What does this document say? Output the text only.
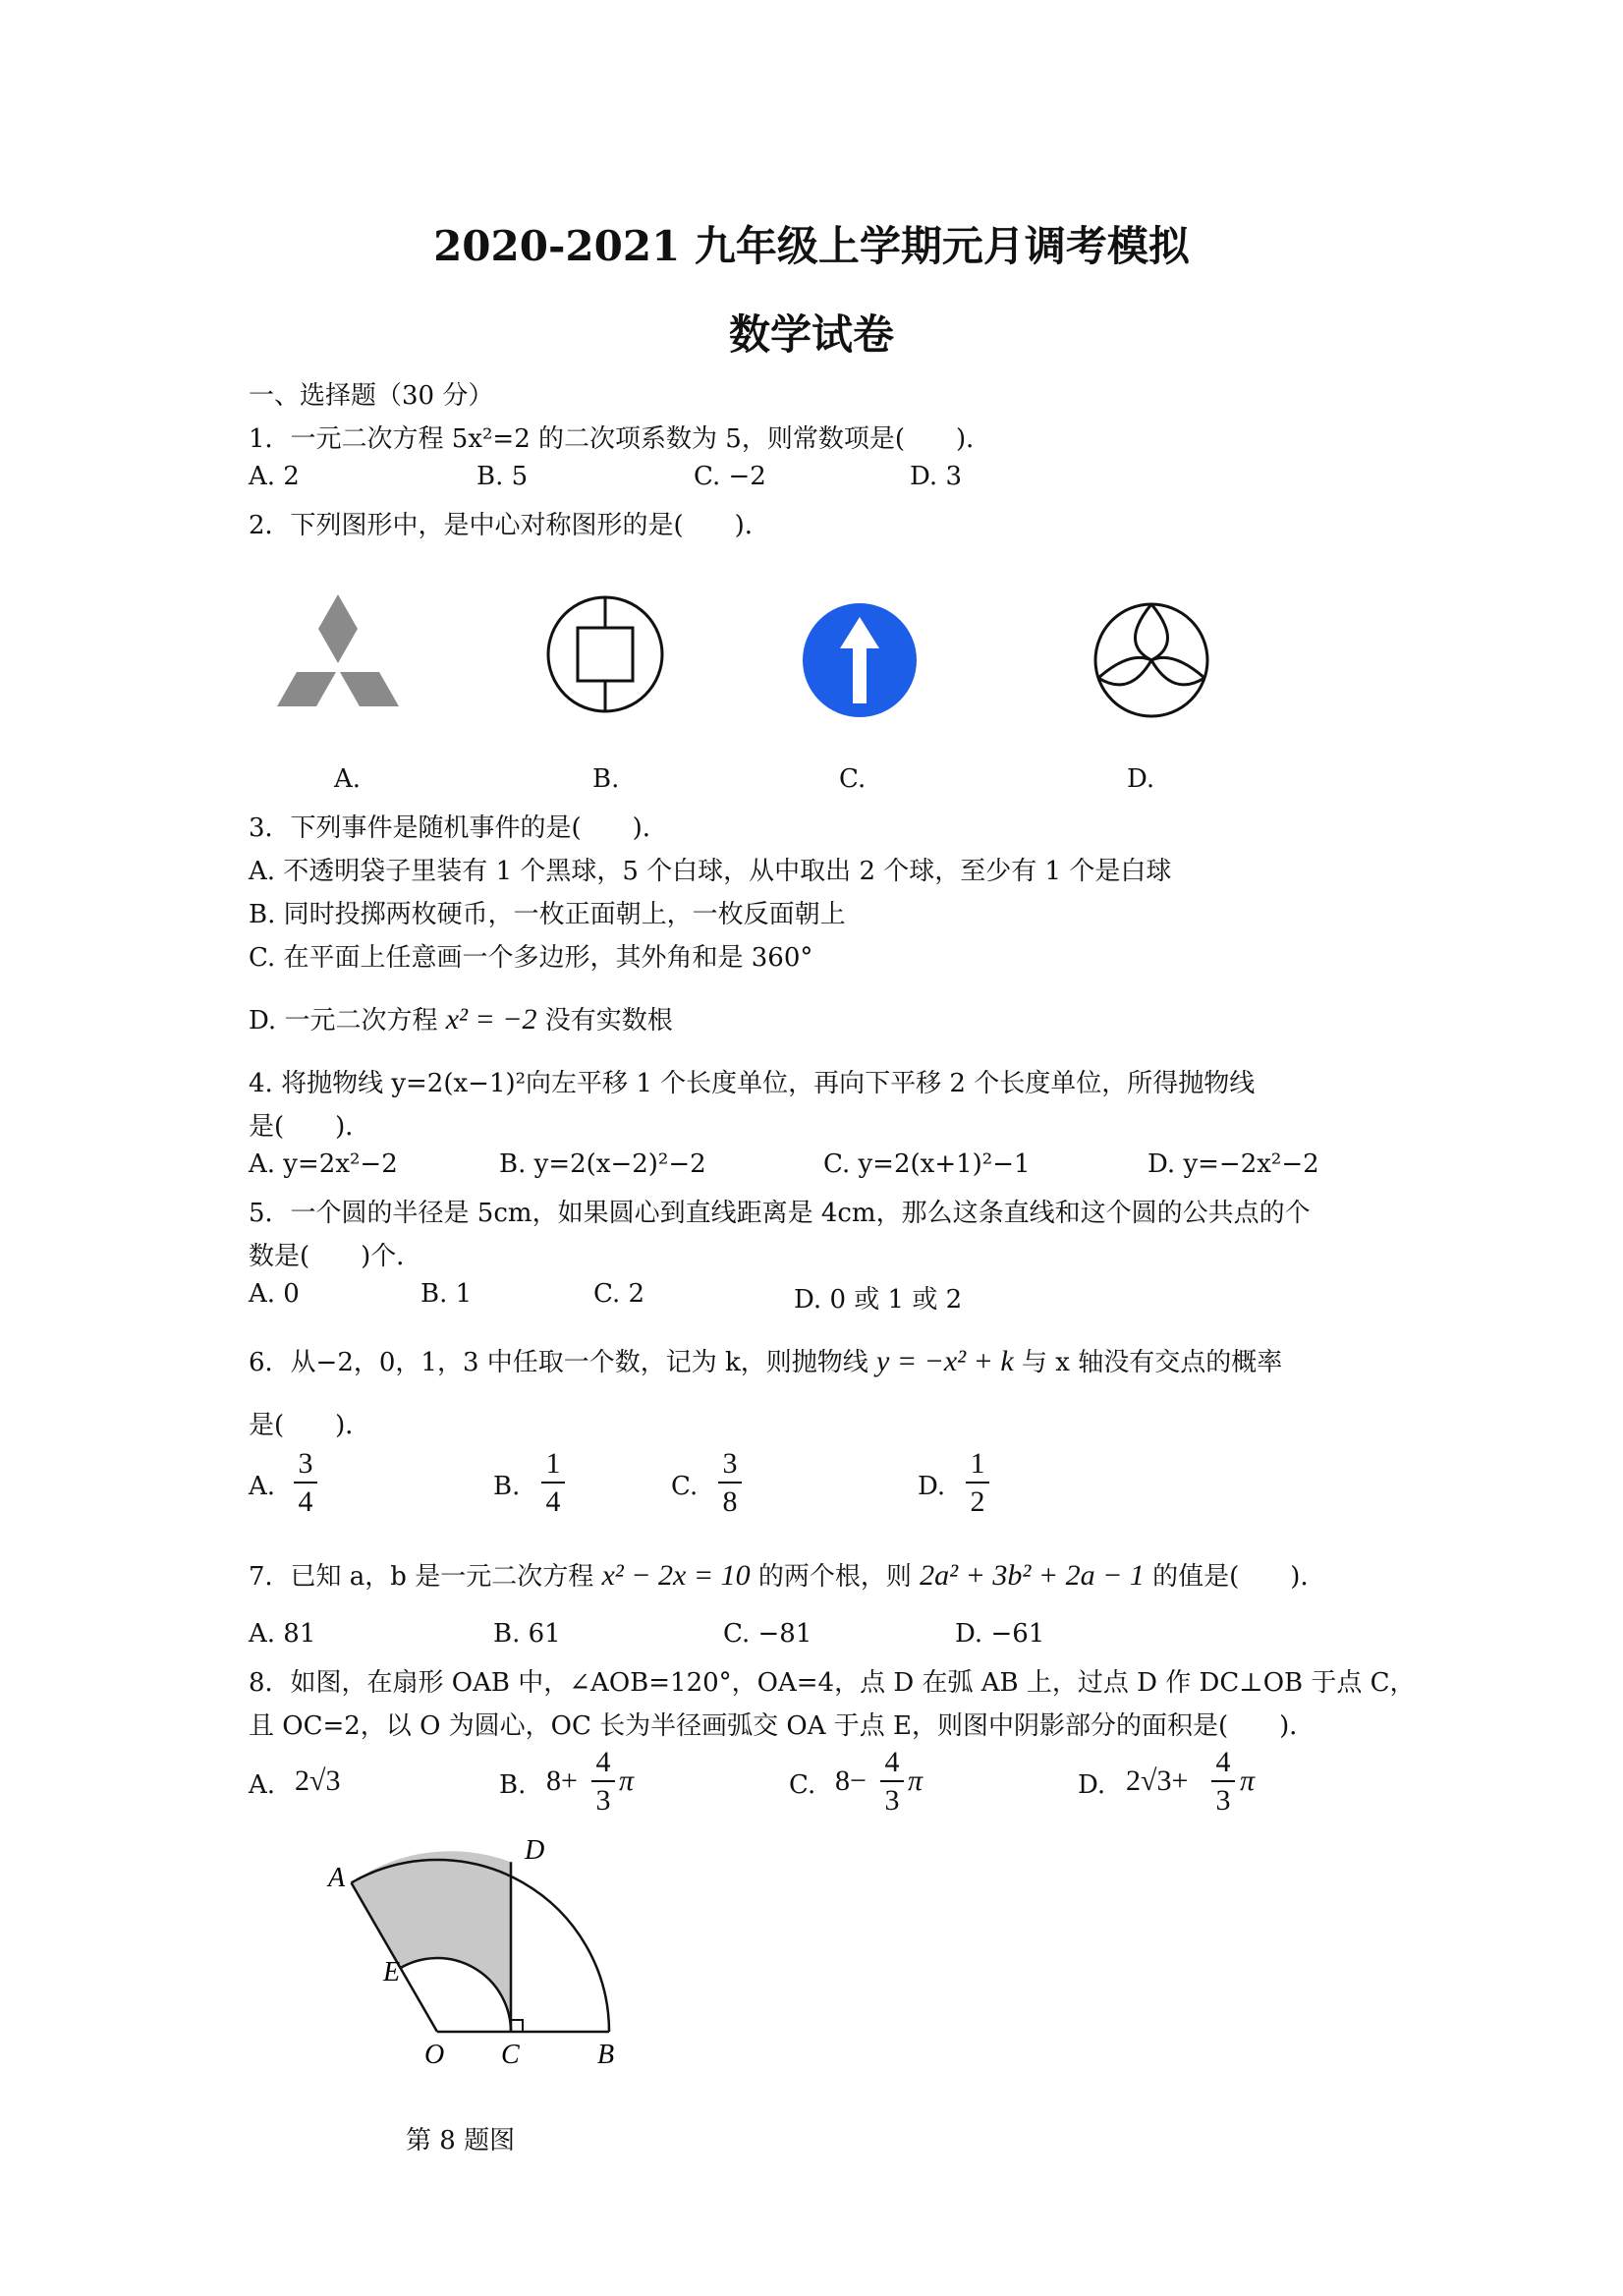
2020-2021 九年级上学期元月调考模拟
数学试卷
一、选择题（30 分）
1．一元二次方程 5x²=2 的二次项系数为 5，则常数项是(　　)．
A. 2	B. 5	C. −2	D. 3
2．下列图形中，是中心对称图形的是(　　)．
A.	B.	C.	D.
3．下列事件是随机事件的是(　　)．
A. 不透明袋子里装有 1 个黑球，5 个白球，从中取出 2 个球，至少有 1 个是白球
B. 同时投掷两枚硬币，一枚正面朝上，一枚反面朝上
C. 在平面上任意画一个多边形，其外角和是 360°
D. 一元二次方程 x² = −2 没有实数根
4. 将抛物线 y=2(x−1)²向左平移 1 个长度单位，再向下平移 2 个长度单位，所得抛物线
是(　　)．
A. y=2x²−2	B. y=2(x−2)²−2	C. y=2(x+1)²−1	D. y=−2x²−2
5．一个圆的半径是 5cm，如果圆心到直线距离是 4cm，那么这条直线和这个圆的公共点的个
数是(　　)个．
A. 0	B. 1	C. 2	D. 0 或 1 或 2
6．从−2，0，1，3 中任取一个数，记为 k，则抛物线 y = −x² + k 与 x 轴没有交点的概率
是(　　)．
A. $\frac{3}{4}$	B. $\frac{1}{4}$	C. $\frac{3}{8}$	D. $\frac{1}{2}$
7．已知 a，b 是一元二次方程 x² − 2x = 10 的两个根，则 2a² + 3b² + 2a − 1 的值是(　　)．
A. 81	B. 61	C. −81	D. −61
8．如图，在扇形 OAB 中，∠AOB=120°，OA=4，点 D 在弧 AB 上，过点 D 作 DC⊥OB 于点 C，
且 OC=2，以 O 为圆心，OC 长为半径画弧交 OA 于点 E，则图中阴影部分的面积是(　　)．
A. 2√3	B. $8+ \frac{4}{3}$ π	C. $8- \frac{4}{3}$ π	D. $2√3+ \frac{4}{3}$ π
A
D
E
O C	B
第 8 题图
